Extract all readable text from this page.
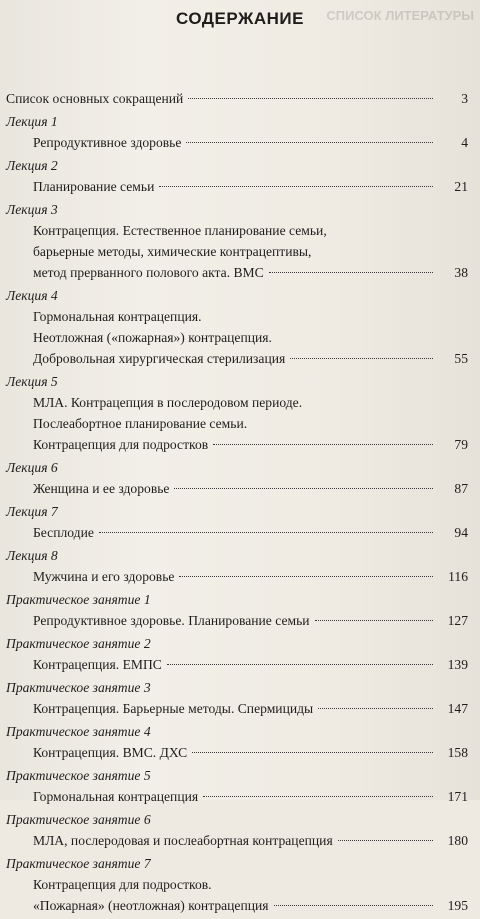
СПИСОК ЛИТЕРАТУРЫ
СОДЕРЖАНИЕ
Список основных сокращений	3
Лекция 1
Репродуктивное здоровье	4
Лекция 2
Планирование семьи	21
Лекция 3
Контрацепция. Естественное планирование семьи,
барьерные методы, химические контрацептивы,
метод прерванного полового акта. ВМС	38
Лекция 4
Гормональная контрацепция.
Неотложная («пожарная») контрацепция.
Добровольная хирургическая стерилизация	55
Лекция 5
МЛА. Контрацепция в послеродовом периоде.
Послеабортное планирование семьи.
Контрацепция для подростков	79
Лекция 6
Женщина и ее здоровье	87
Лекция 7
Бесплодие	94
Лекция 8
Мужчина и его здоровье	116
Практическое занятие 1
Репродуктивное здоровье. Планирование семьи	127
Практическое занятие 2
Контрацепция. ЕМПС	139
Практическое занятие 3
Контрацепция. Барьерные методы. Спермициды	147
Практическое занятие 4
Контрацепция. ВМС. ДХС	158
Практическое занятие 5
Гормональная контрацепция	171
Практическое занятие 6
МЛА, послеродовая и послеабортная контрацепция	180
Практическое занятие 7
Контрацепция для подростков.
«Пожарная» (неотложная) контрацепция	195
